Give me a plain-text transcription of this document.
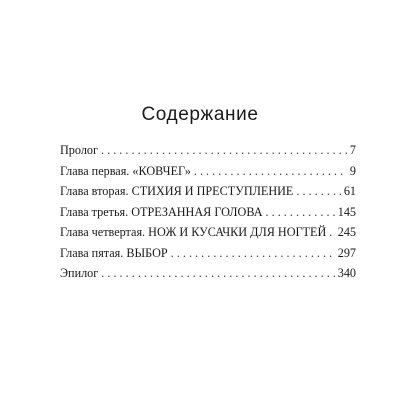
Содержание
Пролог . . .	7
Глава первая. «КОВЧЕГ» . . .	9
Глава вторая. СТИХИЯ И ПРЕСТУПЛЕНИЕ . . .	61
Глава третья. ОТРЕЗАННАЯ ГОЛОВА . . .	145
Глава четвертая. НОЖ И КУСАЧКИ ДЛЯ НОГТЕЙ . . . 245
Глава пятая. ВЫБОР . . .	297
Эпилог . . .	340
